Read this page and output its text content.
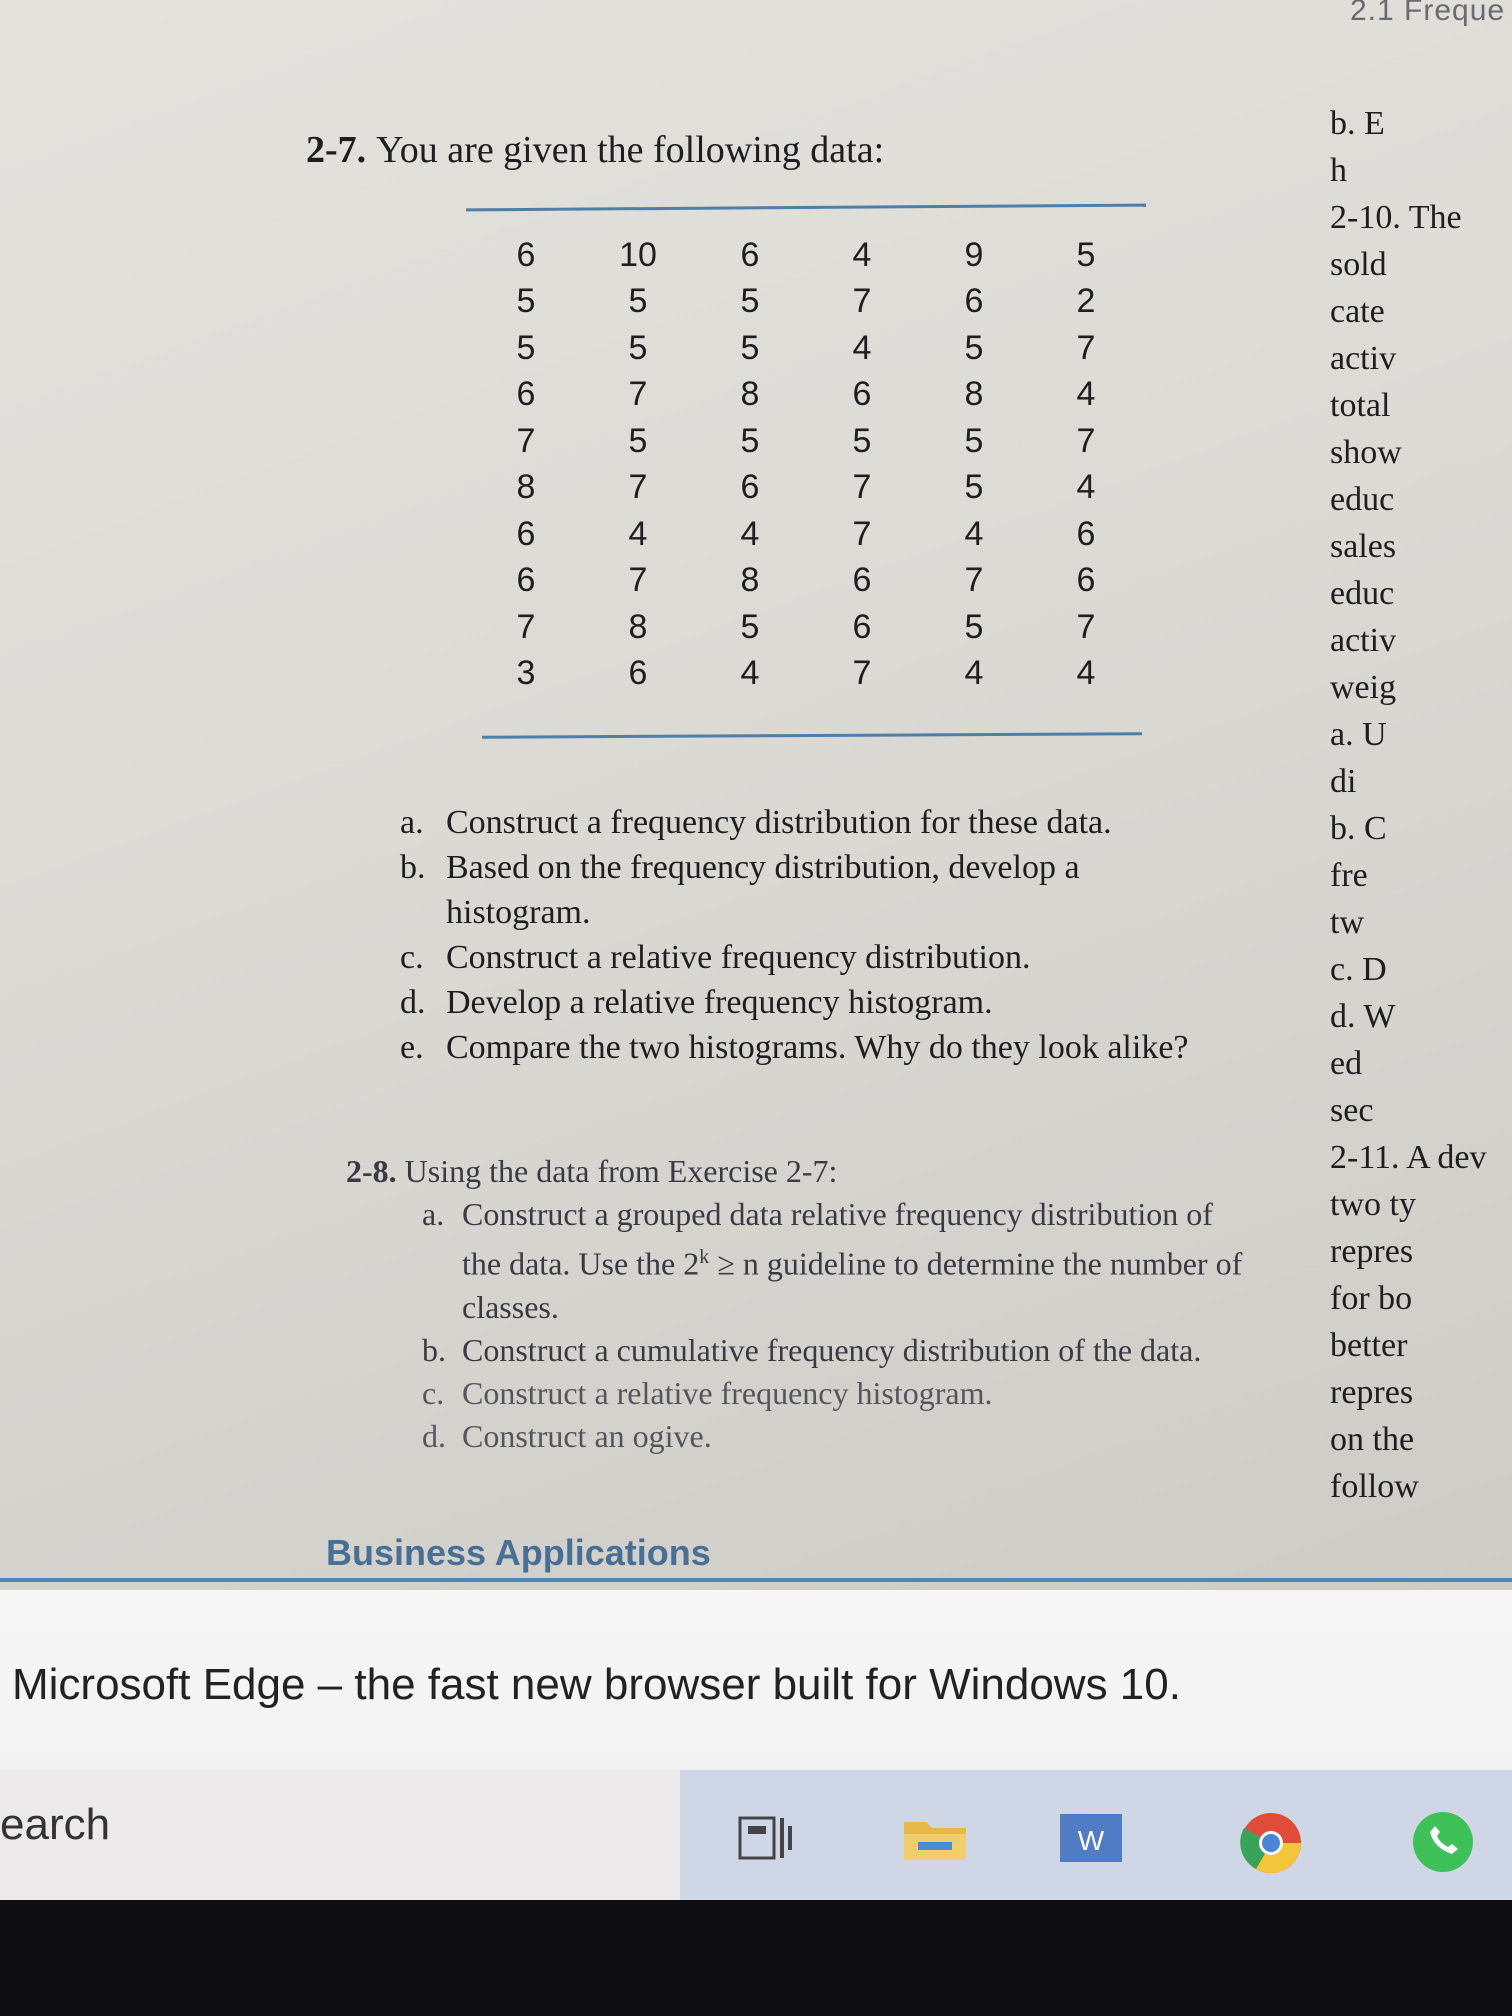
2.1 Freque
2-7. You are given the following data:
6	10	6	4	9	5
5	5	5	7	6	2
5	5	5	4	5	7
6	7	8	6	8	4
7	5	5	5	5	7
8	7	6	7	5	4
6	4	4	7	4	6
6	7	8	6	7	6
7	8	5	6	5	7
3	6	4	7	4	4
a. Construct a frequency distribution for these data.
b. Based on the frequency distribution, develop a histogram.
c. Construct a relative frequency distribution.
d. Develop a relative frequency histogram.
e. Compare the two histograms. Why do they look alike?
2-8. Using the data from Exercise 2-7:
a. Construct a grouped data relative frequency distribution of the data. Use the $2^k \ge n$ guideline to determine the number of classes.
b. Construct a cumulative frequency distribution of the data.
c. Construct a relative frequency histogram.
d. Construct an ogive.
Business Applications
b. E
h
2-10. The
sold
cate
activ
total
show
educ
sales
educ
activ
weig
a. U
di
b. C
fre
tw
c. D
d. W
ed
sec
2-11. A dev
two ty
repres
for bo
better
repres
on the
follow
Microsoft Edge – the fast new browser built for Windows 10.
earch	W
